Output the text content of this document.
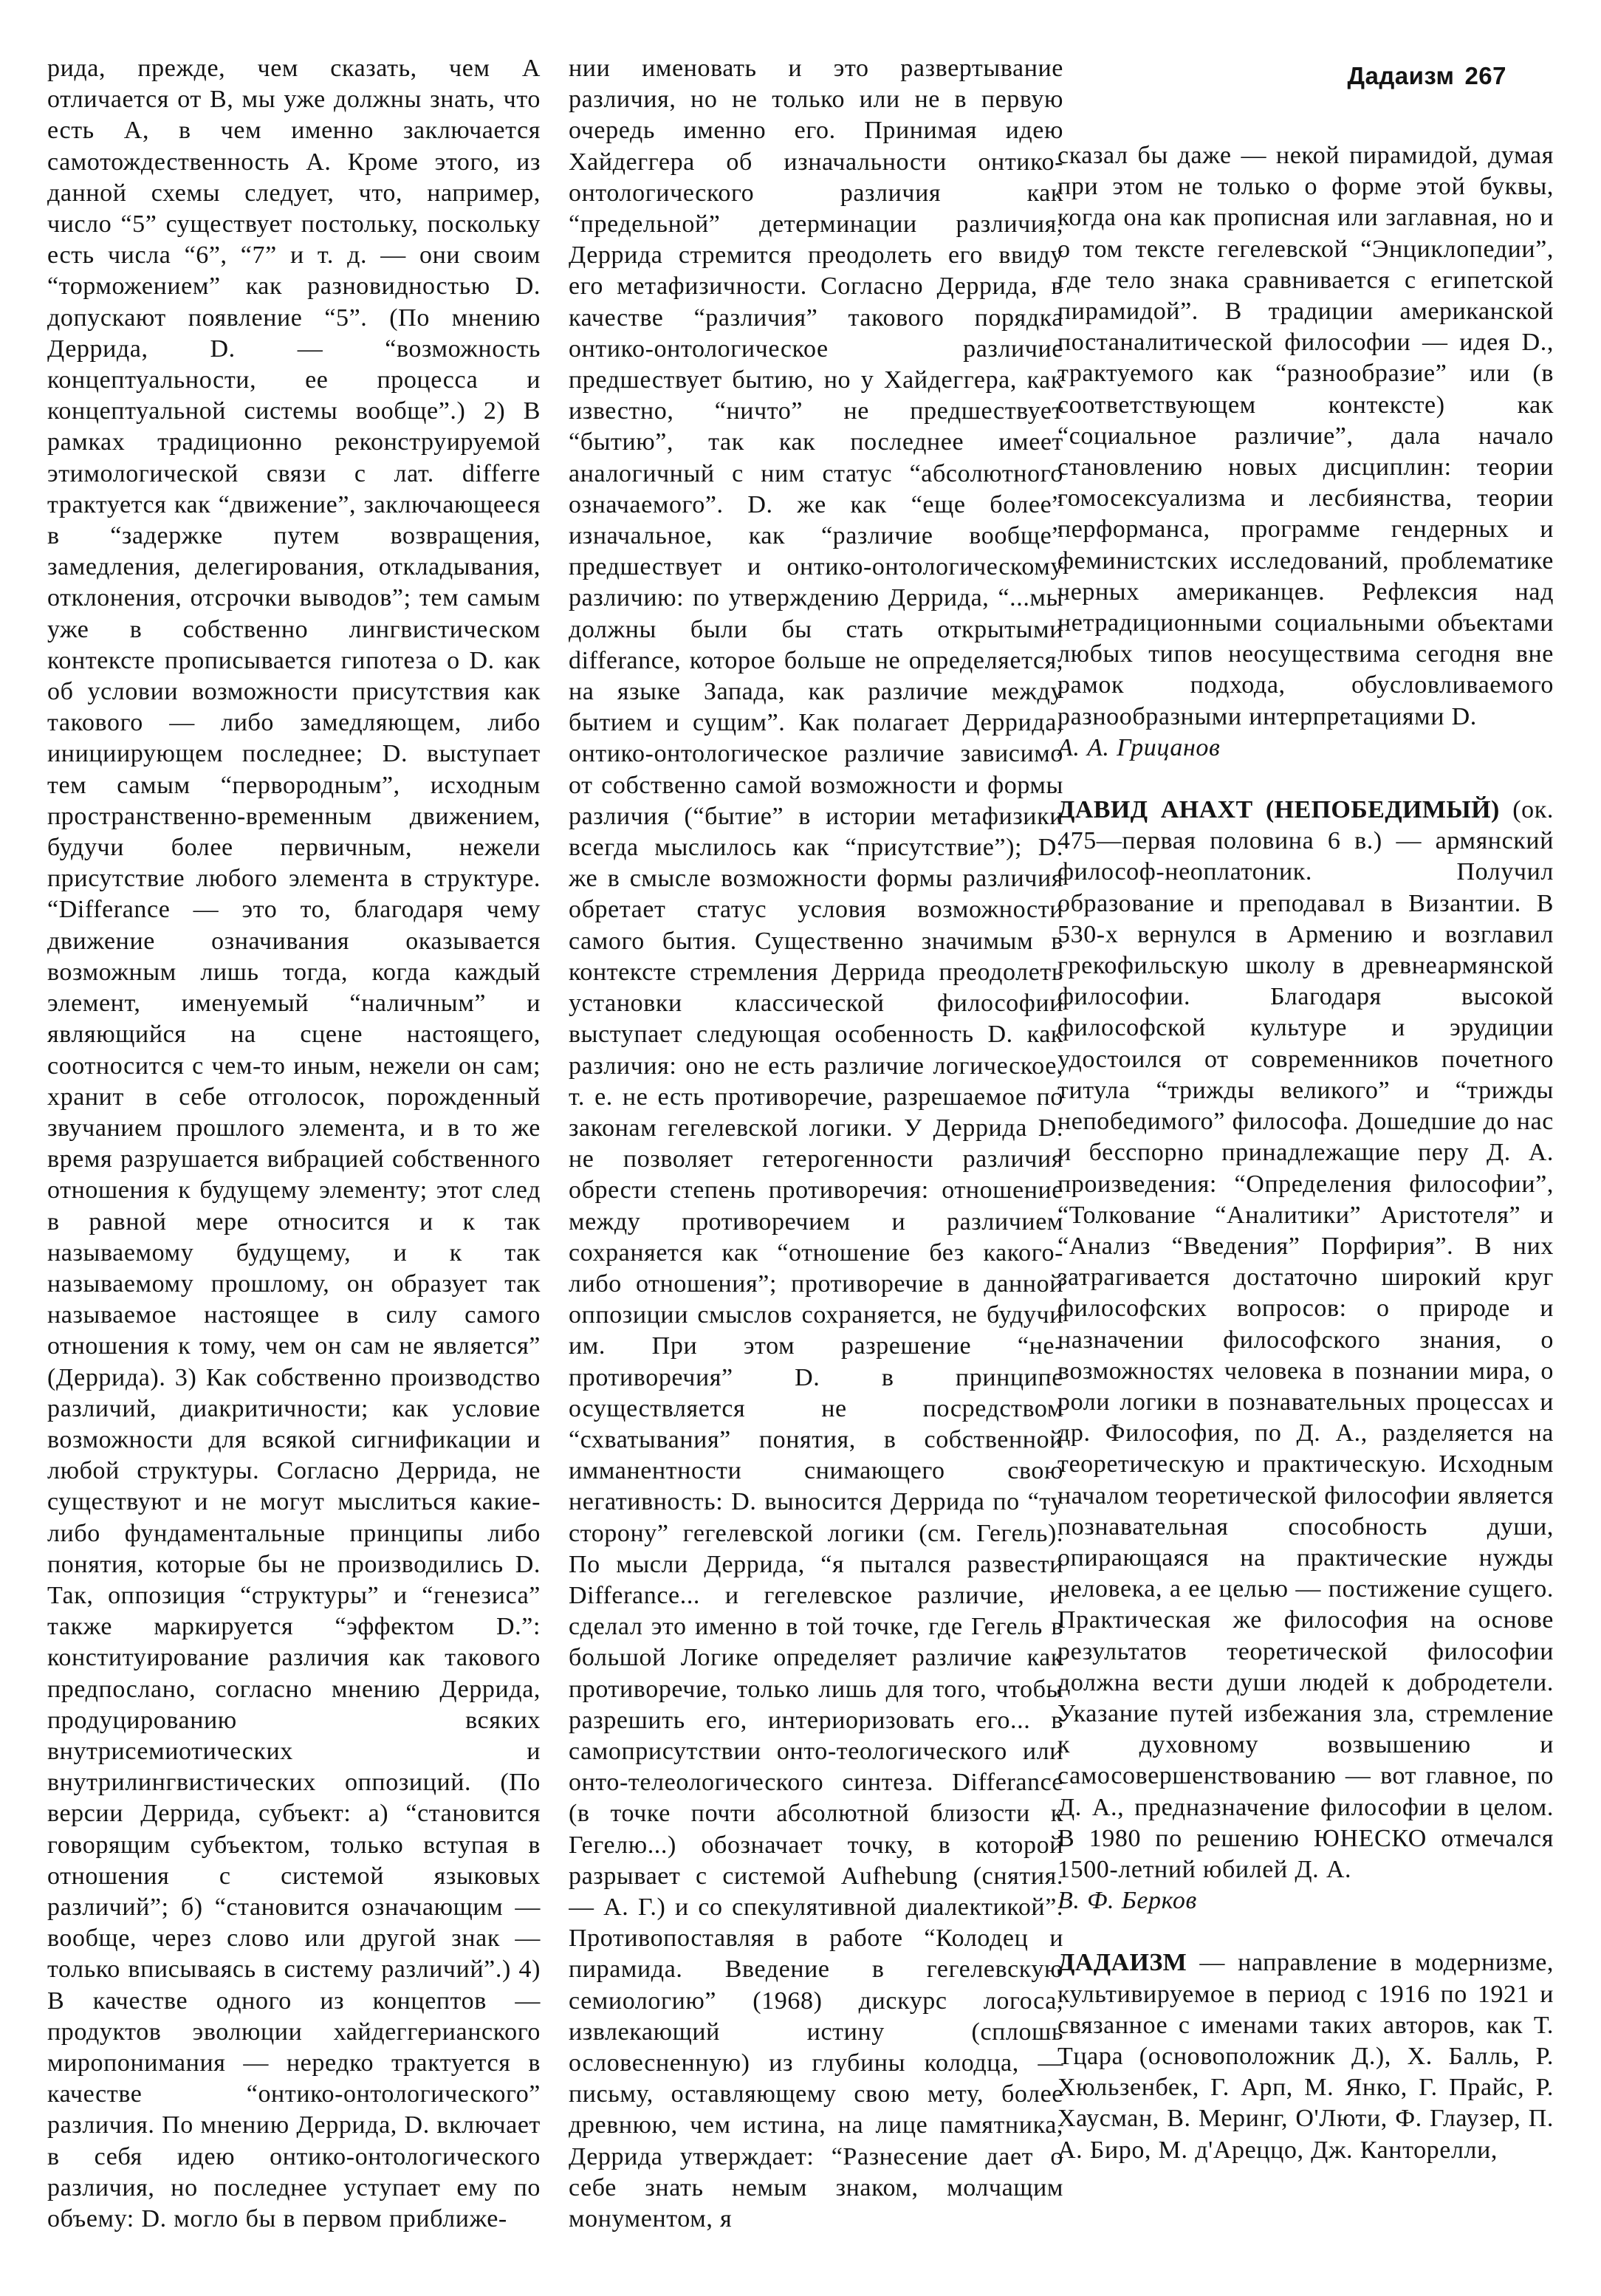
Дадаизм 267

рида, прежде, чем сказать, чем А отличается от В, мы уже должны знать, что есть А, в чем именно заключается самотождественность А. Кроме этого, из данной схемы следует, что, например, число “5” существует постольку, поскольку есть числа “6”, “7” и т. д. — они своим “торможением” как разновидностью D. допускают появление “5”. (По мнению Деррида, D. — “возможность концептуальности, ее процесса и концептуальной системы вообще”.) 2) В рамках традиционно реконструируемой этимологической связи с лат. differre трактуется как “движение”, заключающееся в “задержке путем возвращения, замедления, делегирования, откладывания, отклонения, отсрочки выводов”; тем самым уже в собственно лингвистическом контексте прописывается гипотеза о D. как об условии возможности присутствия как такового — либо замедляющем, либо инициирующем последнее; D. выступает тем самым “первородным”, исходным пространственно-временным движением, будучи более первичным, нежели присутствие любого элемента в структуре. “Differance — это то, благодаря чему движение означивания оказывается возможным лишь тогда, когда каждый элемент, именуемый “наличным” и являющийся на сцене настоящего, соотносится с чем-то иным, нежели он сам; хранит в себе отголосок, порожденный звучанием прошлого элемента, и в то же время разрушается вибрацией собственного отношения к будущему элементу; этот след в равной мере относится и к так называемому будущему, и к так называемому прошлому, он образует так называемое настоящее в силу самого отношения к тому, чем он сам не является” (Деррида). 3) Как собственно производство различий, диакритичности; как условие возможности для всякой сигнификации и любой структуры. Согласно Деррида, не существуют и не могут мыслиться какие-либо фундаментальные принципы либо понятия, которые бы не производились D. Так, оппозиция “структуры” и “генезиса” также маркируется “эффектом D.”: конституирование различия как такового предпослано, согласно мнению Деррида, продуцированию всяких внутрисемиотических и внутрилингвистических оппозиций. (По версии Деррида, субъект: а) “становится говорящим субъектом, только вступая в отношения с системой языковых различий”; б) “становится означающим — вообще, через слово или другой знак — только вписываясь в систему различий”.) 4) В качестве одного из концептов — продуктов эволюции хайдеггерианского миропонимания — нередко трактуется в качестве “онтико-онтологического” различия. По мнению Деррида, D. включает в себя идею онтико-онтологического различия, но последнее уступает ему по объему: D. могло бы в первом приближе-

нии именовать и это развертывание различия, но не только или не в первую очередь именно его. Принимая идею Хайдеггера об изначальности онтико-онтологического различия как “предельной” детерминации различия, Деррида стремится преодолеть его ввиду его метафизичности. Согласно Деррида, в качестве “различия” такового порядка онтико-онтологическое различие предшествует бытию, но у Хайдеггера, как известно, “ничто” не предшествует “бытию”, так как последнее имеет аналогичный с ним статус “абсолютного означаемого”. D. же как “еще более” изначальное, как “различие вообще” предшествует и онтико-онтологическому различию: по утверждению Деррида, “...мы должны были бы стать открытыми differance, которое больше не определяется, на языке Запада, как различие между бытием и сущим”. Как полагает Деррида, онтико-онтологическое различие зависимо от собственно самой возможности и формы различия (“бытие” в истории метафизики всегда мыслилось как “присутствие”); D. же в смысле возможности формы различия обретает статус условия возможности самого бытия. Существенно значимым в контексте стремления Деррида преодолеть установки классической философии выступает следующая особенность D. как различия: оно не есть различие логическое, т. е. не есть противоречие, разрешаемое по законам гегелевской логики. У Деррида D. не позволяет гетерогенности различия обрести степень противоречия: отношение между противоречием и различием сохраняется как “отношение без какого-либо отношения”; противоречие в данной оппозиции смыслов сохраняется, не будучи им. При этом разрешение “не-противоречия” D. в принципе осуществляется не посредством “схватывания” понятия, в собственной имманентности снимающего свою негативность: D. выносится Деррида по “ту сторону” гегелевской логики (см. Гегель). По мысли Деррида, “я пытался развести Differance... и гегелевское различие, и сделал это именно в той точке, где Гегель в большой Логике определяет различие как противоречие, только лишь для того, чтобы разрешить его, интериоризовать его... в самоприсутствии онто-теологического или онто-телеологического синтеза. Differance (в точке почти абсолютной близости к Гегелю...) обозначает точку, в которой разрывает с системой Aufhebung (снятия. — А. Г.) и со спекулятивной диалектикой”. Противопоставляя в работе “Колодец и пирамида. Введение в гегелевскую семиологию” (1968) дискурс логоса, извлекающий истину (сплошь ословесненную) из глубины колодца, — письму, оставляющему свою мету, более древнюю, чем истина, на лице памятника, Деррида утверждает: “Разнесение дает о себе знать немым знаком, молчащим монументом, я

сказал бы даже — некой пирамидой, думая при этом не только о форме этой буквы, когда она как прописная или заглавная, но и о том тексте гегелевской “Энциклопедии”, где тело знака сравнивается с египетской пирамидой”. В традиции американской постаналитической философии — идея D., трактуемого как “разнообразие” или (в соответствующем контексте) как “социальное различие”, дала начало становлению новых дисциплин: теории гомосексуализма и лесбиянства, теории перформанса, программе гендерных и феминистских исследований, проблематике черных американцев. Рефлексия над нетрадиционными социальными объектами любых типов неосуществима сегодня вне рамок подхода, обусловливаемого разнообразными интерпретациями D.

А. А. Грицанов

ДАВИД АНАХТ (НЕПОБЕДИМЫЙ) (ок. 475—первая половина 6 в.) — армянский философ-неоплатоник. Получил образование и преподавал в Византии. В 530-х вернулся в Армению и возглавил грекофильскую школу в древнеармянской философии. Благодаря высокой философской культуре и эрудиции удостоился от современников почетного титула “трижды великого” и “трижды непобедимого” философа. Дошедшие до нас и бесспорно принадлежащие перу Д. А. произведения: “Определения философии”, “Толкование “Аналитики” Аристотеля” и “Анализ “Введения” Порфирия”. В них затрагивается достаточно широкий круг философских вопросов: о природе и назначении философского знания, о возможностях человека в познании мира, о роли логики в познавательных процессах и др. Философия, по Д. А., разделяется на теоретическую и практическую. Исходным началом теоретической философии является познавательная способность души, опирающаяся на практические нужды человека, а ее целью — постижение сущего. Практическая же философия на основе результатов теоретической философии должна вести души людей к добродетели. Указание путей избежания зла, стремление к духовному возвышению и самосовершенствованию — вот главное, по Д. А., предназначение философии в целом. В 1980 по решению ЮНЕСКО отмечался 1500-летний юбилей Д. А.

В. Ф. Берков

ДАДАИЗМ — направление в модернизме, культивируемое в период с 1916 по 1921 и связанное с именами таких авторов, как Т. Тцара (основоположник Д.), Х. Балль, Р. Хюльзенбек, Г. Арп, М. Янко, Г. Прайс, Р. Хаусман, В. Меринг, О'Люти, Ф. Глаузер, П. А. Биро, М. д'Ареццо, Дж. Канторелли,
